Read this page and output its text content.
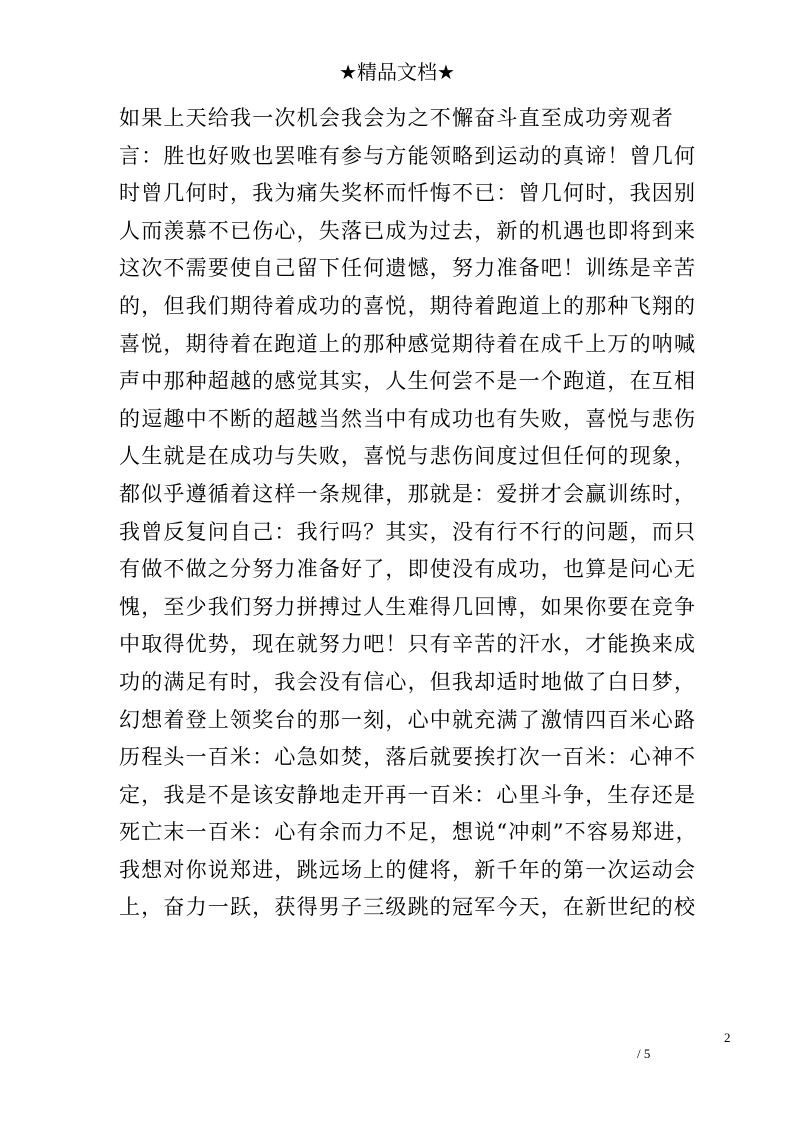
★精品文档★
如果上天给我一次机会我会为之不懈奋斗直至成功旁观者
言：胜也好败也罢唯有参与方能领略到运动的真谛！曾几何
时曾几何时，我为痛失奖杯而忏悔不已：曾几何时，我因别
人而羡慕不已伤心，失落已成为过去，新的机遇也即将到来
这次不需要使自己留下任何遗憾，努力准备吧！训练是辛苦
的，但我们期待着成功的喜悦，期待着跑道上的那种飞翔的
喜悦，期待着在跑道上的那种感觉期待着在成千上万的呐喊
声中那种超越的感觉其实，人生何尝不是一个跑道，在互相
的逗趣中不断的超越当然当中有成功也有失败，喜悦与悲伤
人生就是在成功与失败，喜悦与悲伤间度过但任何的现象，
都似乎遵循着这样一条规律，那就是：爱拼才会赢训练时，
我曾反复问自己：我行吗？其实，没有行不行的问题，而只
有做不做之分努力准备好了，即使没有成功，也算是问心无
愧，至少我们努力拼搏过人生难得几回博，如果你要在竞争
中取得优势，现在就努力吧！只有辛苦的汗水，才能换来成
功的满足有时，我会没有信心，但我却适时地做了白日梦，
幻想着登上领奖台的那一刻，心中就充满了激情四百米心路
历程头一百米：心急如焚，落后就要挨打次一百米：心神不
定，我是不是该安静地走开再一百米：心里斗争，生存还是
死亡末一百米：心有余而力不足，想说“冲刺”不容易郑进，
我想对你说郑进，跳远场上的健将，新千年的第一次运动会
上，奋力一跃，获得男子三级跳的冠军今天，在新世纪的校
2
/ 5
